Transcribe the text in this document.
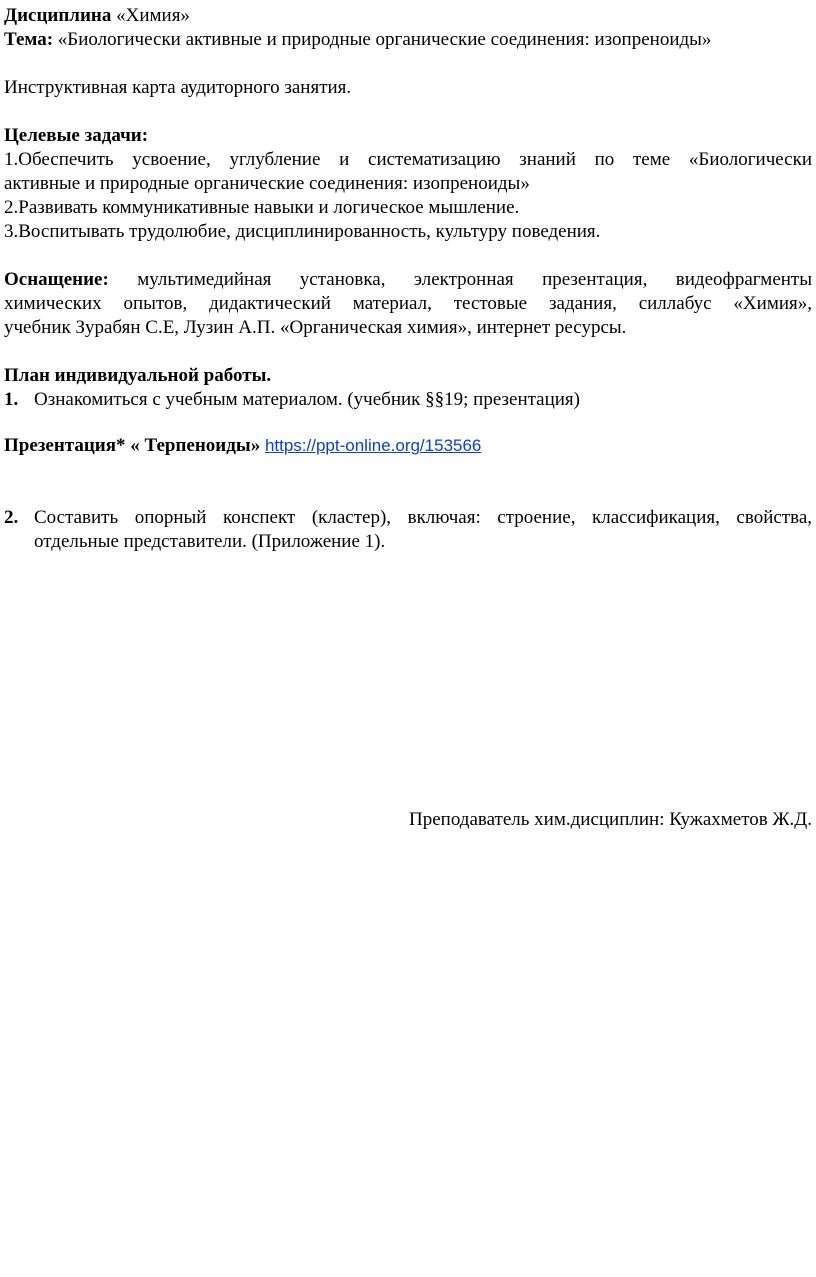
Дисциплина «Химия»
Тема: «Биологически активные и природные органические соединения: изопреноиды»
Инструктивная карта аудиторного занятия.
Целевые задачи:
1.Обеспечить усвоение, углубление и систематизацию знаний по теме «Биологически
активные и природные органические соединения: изопреноиды»
2.Развивать коммуникативные навыки и логическое мышление.
3.Воспитывать трудолюбие, дисциплинированность, культуру поведения.
Оснащение: мультимедийная установка, электронная презентация, видеофрагменты
химических опытов, дидактический материал, тестовые задания, силлабус «Химия»,
учебник Зурабян С.Е, Лузин А.П. «Органическая химия», интернет ресурсы.
План индивидуальной работы.
1. Ознакомиться с учебным материалом. (учебник §§19; презентация)
Презентация* « Терпеноиды» https://ppt-online.org/153566
2. Составить опорный конспект (кластер), включая: строение, классификация, свойства,
отдельные представители. (Приложение 1).
Преподаватель хим.дисциплин: Кужахметов Ж.Д.
